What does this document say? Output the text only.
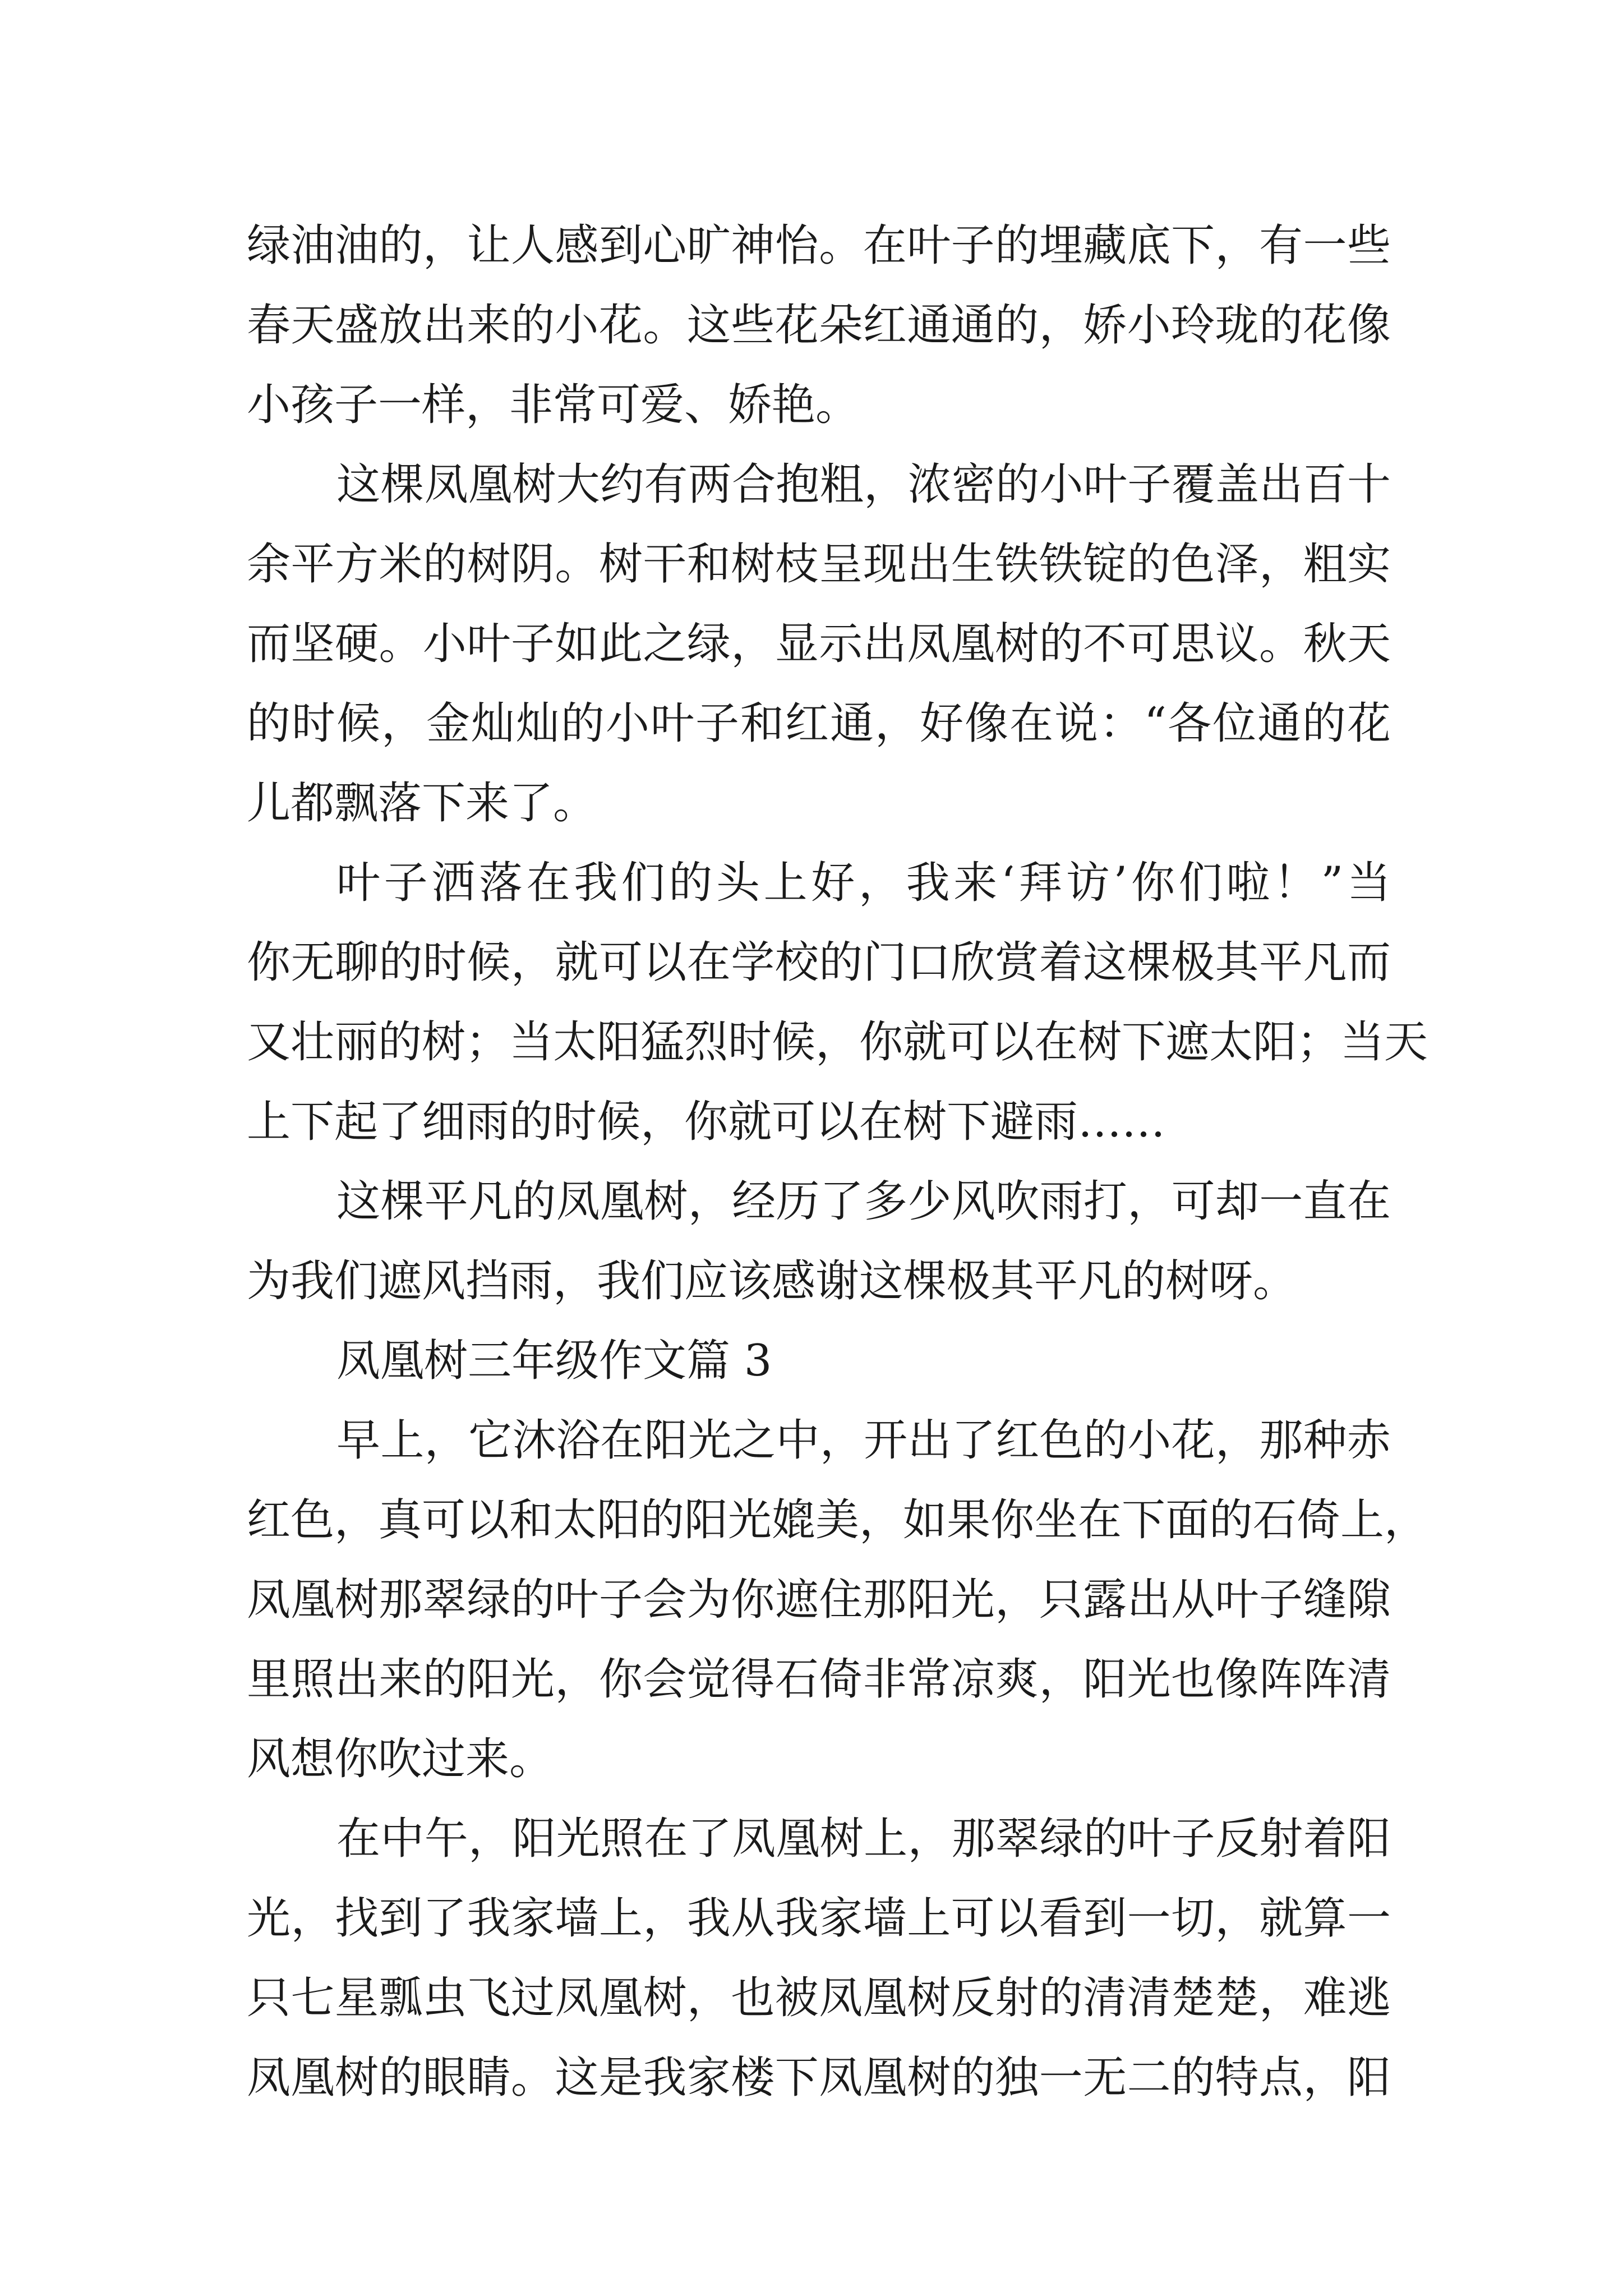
绿油油的，让人感到心旷神怡。在叶子的埋藏底下，有一些
春天盛放出来的小花。这些花朵红通通的，娇小玲珑的花像
小孩子一样，非常可爱、娇艳。
这棵凤凰树大约有两合抱粗，浓密的小叶子覆盖出百十
余平方米的树阴。树干和树枝呈现出生铁铁锭的色泽，粗实
而坚硬。小叶子如此之绿，显示出凤凰树的不可思议。秋天
的时候，金灿灿的小叶子和红通，好像在说：“各位通的花
儿都飘落下来了。
叶子洒落在我们的头上好，我来‘拜访’你们啦！”当
你无聊的时候，就可以在学校的门口欣赏着这棵极其平凡而
又壮丽的树；当太阳猛烈时候，你就可以在树下遮太阳；当天
上下起了细雨的时候，你就可以在树下避雨……
这棵平凡的凤凰树，经历了多少风吹雨打，可却一直在
为我们遮风挡雨，我们应该感谢这棵极其平凡的树呀。
凤凰树三年级作文篇 3
早上，它沐浴在阳光之中，开出了红色的小花，那种赤
红色，真可以和太阳的阳光媲美，如果你坐在下面的石倚上，
凤凰树那翠绿的叶子会为你遮住那阳光，只露出从叶子缝隙
里照出来的阳光，你会觉得石倚非常凉爽，阳光也像阵阵清
风想你吹过来。
在中午，阳光照在了凤凰树上，那翠绿的叶子反射着阳
光，找到了我家墙上，我从我家墙上可以看到一切，就算一
只七星瓢虫飞过凤凰树，也被凤凰树反射的清清楚楚，难逃
凤凰树的眼睛。这是我家楼下凤凰树的独一无二的特点，阳
